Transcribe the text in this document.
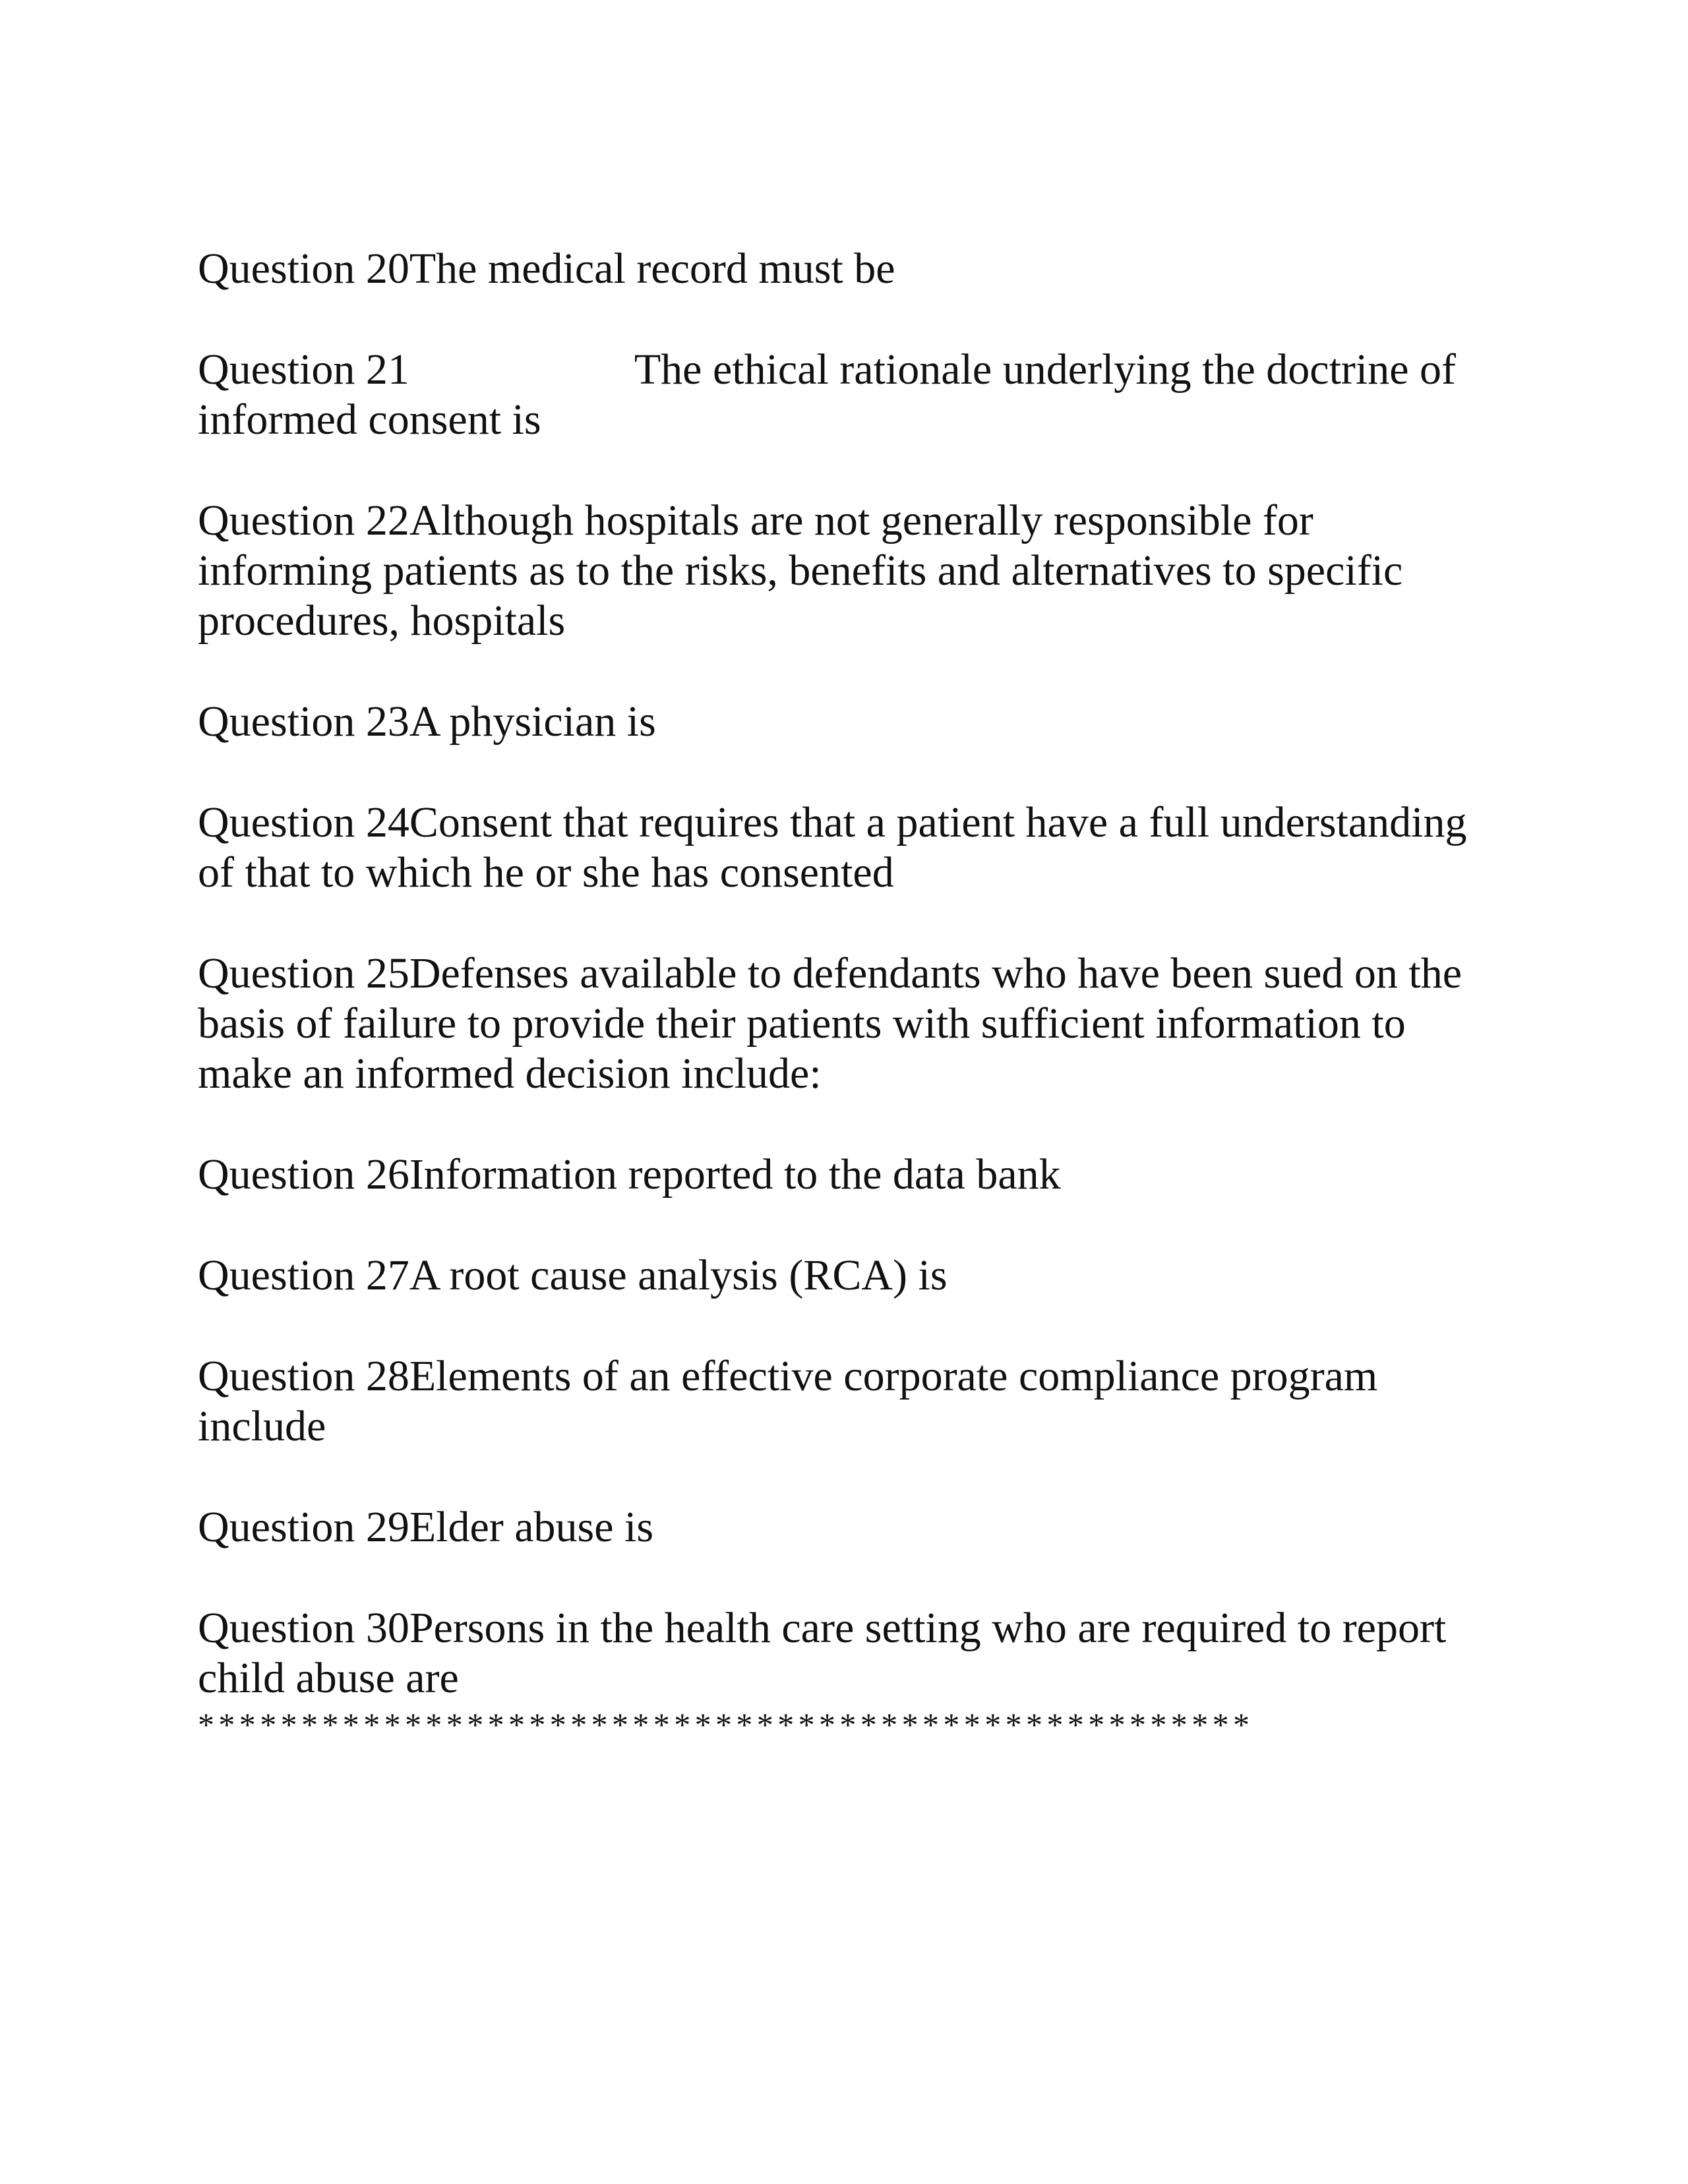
Question 20The medical record must be
Question 21	The ethical rationale underlying the doctrine of
informed consent is
Question 22Although hospitals are not generally responsible for
informing patients as to the risks, benefits and alternatives to specific
procedures, hospitals
Question 23A physician is
Question 24Consent that requires that a patient have a full understanding
of that to which he or she has consented
Question 25Defenses available to defendants who have been sued on the
basis of failure to provide their patients with sufficient information to
make an informed decision include:
Question 26Information reported to the data bank
Question 27A root cause analysis (RCA) is
Question 28Elements of an effective corporate compliance program
include
Question 29Elder abuse is
Question 30Persons in the health care setting who are required to report
child abuse are
***************************************************
